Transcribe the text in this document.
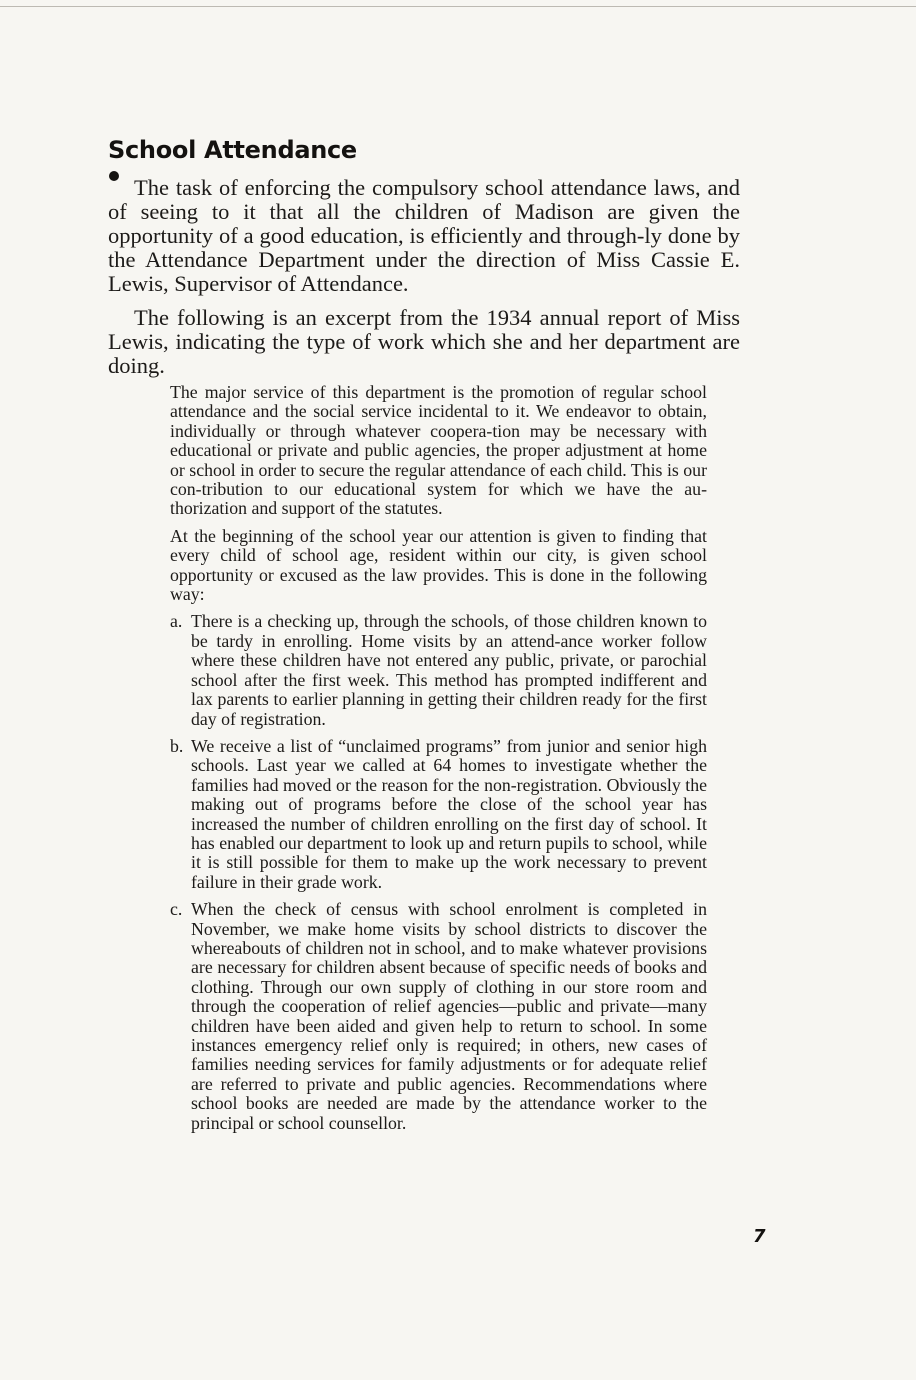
School Attendance

The task of enforcing the compulsory school attendance laws, and of seeing to it that all the children of Madison are given the opportunity of a good education, is efficiently and through-ly done by the Attendance Department under the direction of Miss Cassie E. Lewis, Supervisor of Attendance.

The following is an excerpt from the 1934 annual report of Miss Lewis, indicating the type of work which she and her department are doing.

The major service of this department is the promotion of regular school attendance and the social service incidental to it. We endeavor to obtain, individually or through whatever coopera-tion may be necessary with educational or private and public agencies, the proper adjustment at home or school in order to secure the regular attendance of each child. This is our con-tribution to our educational system for which we have the au-thorization and support of the statutes.

At the beginning of the school year our attention is given to finding that every child of school age, resident within our city, is given school opportunity or excused as the law provides. This is done in the following way:

a. There is a checking up, through the schools, of those children known to be tardy in enrolling. Home visits by an attend-ance worker follow where these children have not entered any public, private, or parochial school after the first week. This method has prompted indifferent and lax parents to earlier planning in getting their children ready for the first day of registration.

b. We receive a list of “unclaimed programs” from junior and senior high schools. Last year we called at 64 homes to investigate whether the families had moved or the reason for the non-registration. Obviously the making out of programs before the close of the school year has increased the number of children enrolling on the first day of school. It has enabled our department to look up and return pupils to school, while it is still possible for them to make up the work necessary to prevent failure in their grade work.

c. When the check of census with school enrolment is completed in November, we make home visits by school districts to discover the whereabouts of children not in school, and to make whatever provisions are necessary for children absent because of specific needs of books and clothing. Through our own supply of clothing in our store room and through the cooperation of relief agencies—public and private—many children have been aided and given help to return to school. In some instances emergency relief only is required; in others, new cases of families needing services for family adjustments or for adequate relief are referred to private and public agencies. Recommendations where school books are needed are made by the attendance worker to the principal or school counsellor.

7
